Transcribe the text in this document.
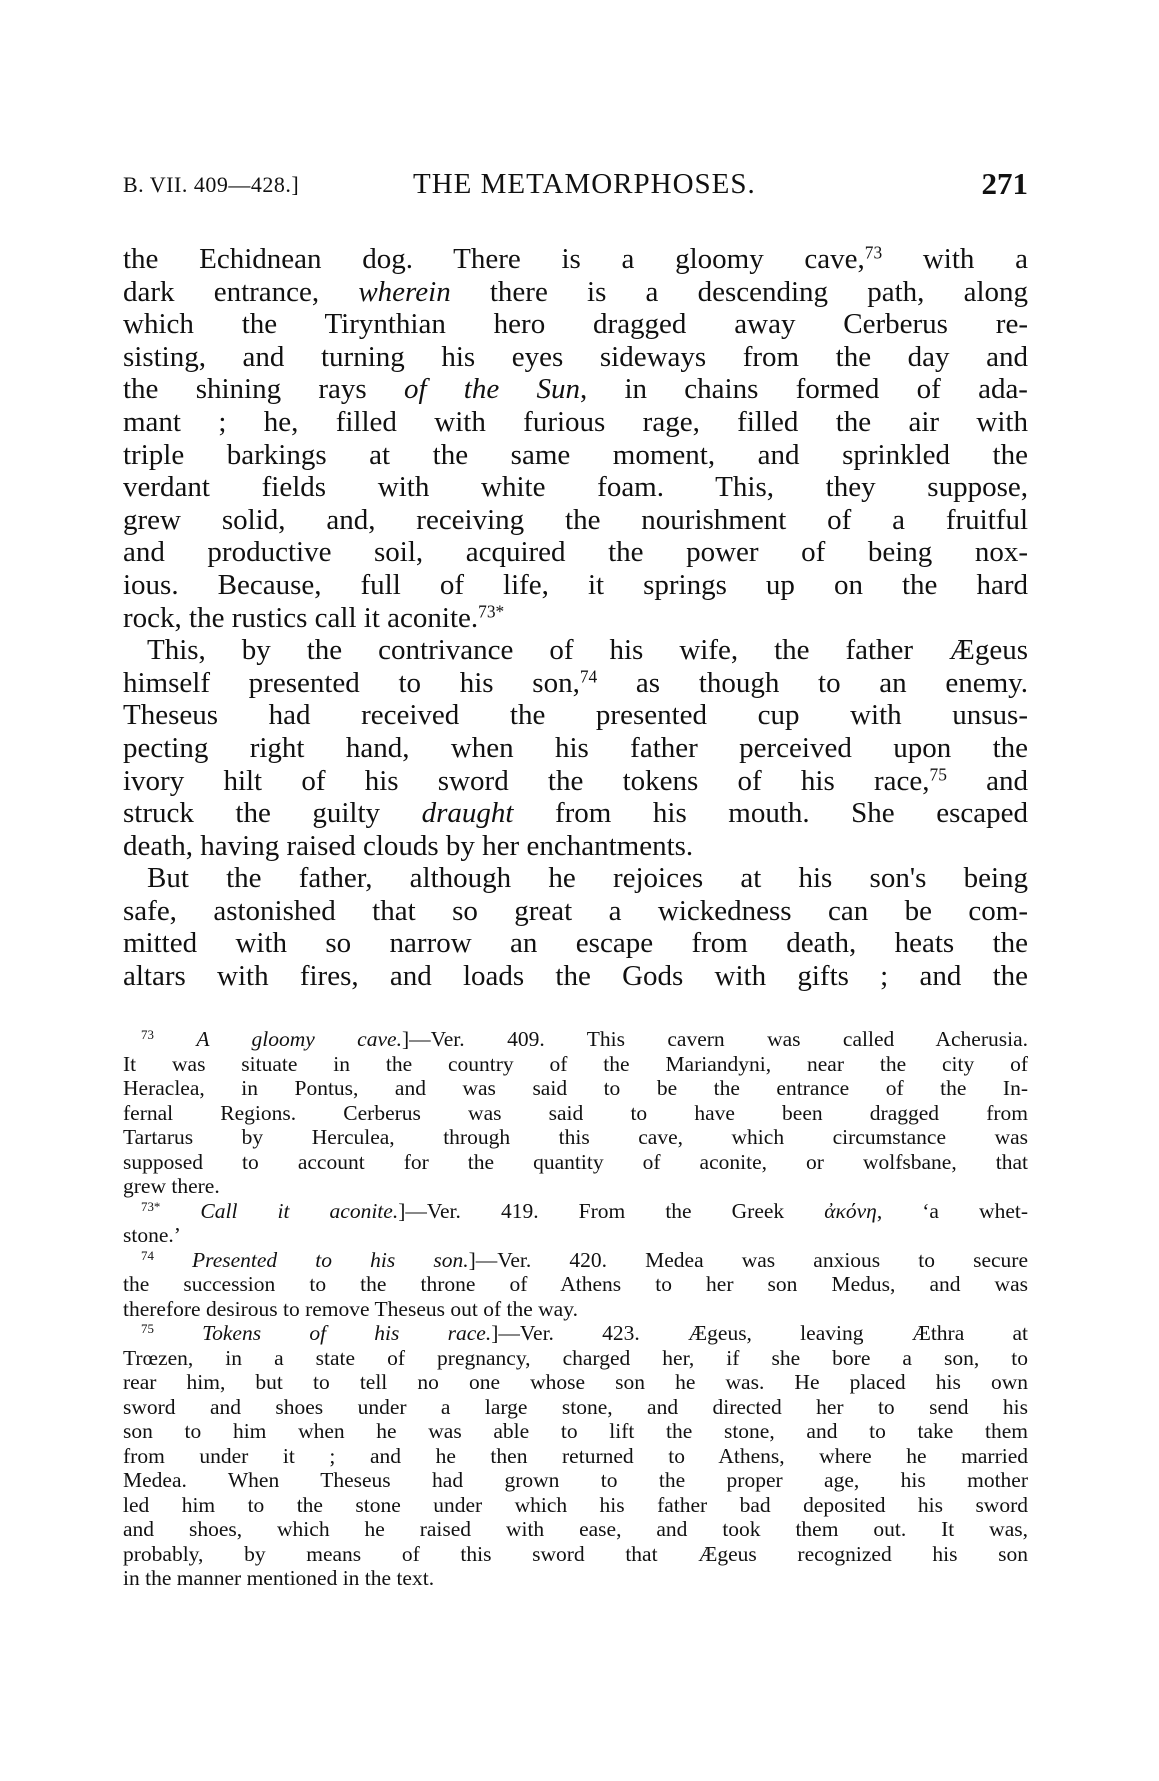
B. VII. 409—428.]	THE METAMORPHOSES.	271
the Echidnean dog. There is a gloomy cave,$^{73}$ with a
dark entrance, wherein there is a descending path, along
which the Tirynthian hero dragged away Cerberus re-
sisting, and turning his eyes sideways from the day and
the shining rays of the Sun, in chains formed of ada-
mant ; he, filled with furious rage, filled the air with
triple barkings at the same moment, and sprinkled the
verdant fields with white foam. This, they suppose,
grew solid, and, receiving the nourishment of a fruitful
and productive soil, acquired the power of being nox-
ious. Because, full of life, it springs up on the hard
rock, the rustics call it aconite.$^{73*}$
This, by the contrivance of his wife, the father Ægeus
himself presented to his son,$^{74}$ as though to an enemy.
Theseus had received the presented cup with unsus-
pecting right hand, when his father perceived upon the
ivory hilt of his sword the tokens of his race,$^{75}$ and
struck the guilty draught from his mouth. She escaped
death, having raised clouds by her enchantments.
But the father, although he rejoices at his son's being
safe, astonished that so great a wickedness can be com-
mitted with so narrow an escape from death, heats the
altars with fires, and loads the Gods with gifts ; and the
$^{73}$ A gloomy cave.]—Ver. 409. This cavern was called Acherusia.
It was situate in the country of the Mariandyni, near the city of
Heraclea, in Pontus, and was said to be the entrance of the In-
fernal Regions. Cerberus was said to have been dragged from
Tartarus by Herculea, through this cave, which circumstance was
supposed to account for the quantity of aconite, or wolfsbane, that
grew there.
$^{73*}$ Call it aconite.]—Ver. 419. From the Greek ἀκόνη, ‘a whet-
stone.’
$^{74}$ Presented to his son.]—Ver. 420. Medea was anxious to secure
the succession to the throne of Athens to her son Medus, and was
therefore desirous to remove Theseus out of the way.
$^{75}$ Tokens of his race.]—Ver. 423. Ægeus, leaving Æthra at
Trœzen, in a state of pregnancy, charged her, if she bore a son, to
rear him, but to tell no one whose son he was. He placed his own
sword and shoes under a large stone, and directed her to send his
son to him when he was able to lift the stone, and to take them
from under it ; and he then returned to Athens, where he married
Medea. When Theseus had grown to the proper age, his mother
led him to the stone under which his father bad deposited his sword
and shoes, which he raised with ease, and took them out. It was,
probably, by means of this sword that Ægeus recognized his son
in the manner mentioned in the text.
